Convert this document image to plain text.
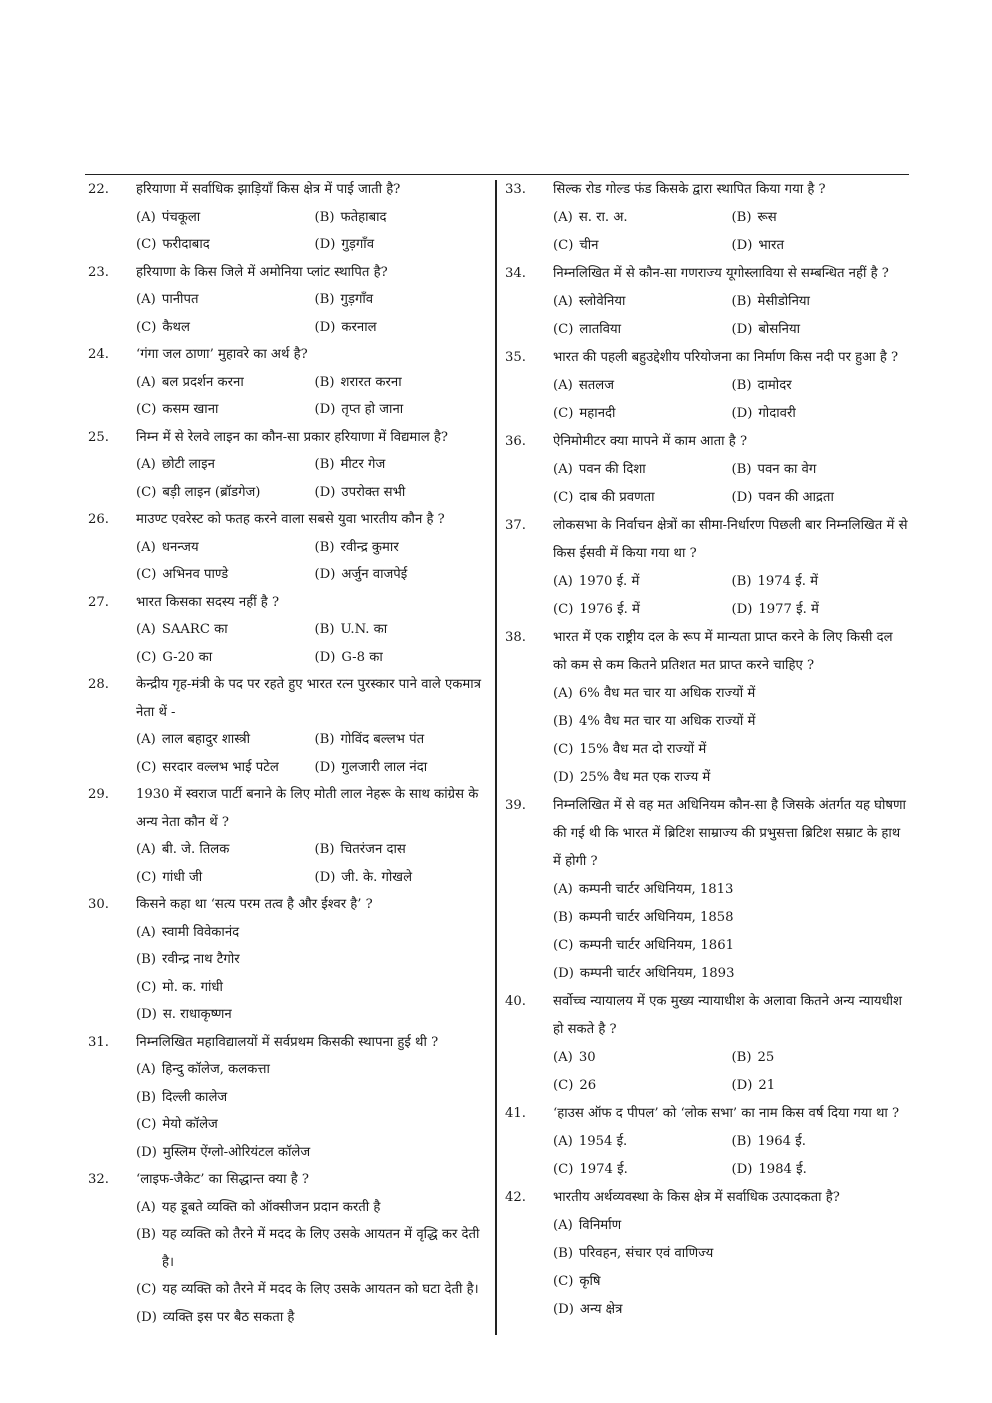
22.	हरियाणा में सर्वाधिक झाड़ियाँ किस क्षेत्र में पाई जाती है?
(A) पंचकूला	(B) फतेहाबाद
(C) फरीदाबाद	(D) गुड़गाँव
23.	हरियाणा के किस जिले में अमोनिया प्लांट स्थापित है?
(A) पानीपत	(B) गुड़गाँव
(C) कैथल	(D) करनाल
24.	‘गंगा जल ठाणा’ मुहावरे का अर्थ है?
(A) बल प्रदर्शन करना	(B) शरारत करना
(C) कसम खाना	(D) तृप्त हो जाना
25.	निम्न में से रेलवे लाइन का कौन-सा प्रकार हरियाणा में विद्यमाल है?
(A) छोटी लाइन	(B) मीटर गेज
(C) बड़ी लाइन (ब्रॉडगेज)	(D) उपरोक्त सभी
26.	माउण्ट एवरेस्ट को फतह करने वाला सबसे युवा भारतीय कौन है ?
(A) धनन्जय	(B) रवीन्द्र कुमार
(C) अभिनव पाण्डे	(D) अर्जुन वाजपेई
27.	भारत किसका सदस्य नहीं है ?
(A) SAARC का	(B) U.N. का
(C) G-20 का	(D) G-8 का
28.	केन्द्रीय गृह-मंत्री के पद पर रहते हुए भारत रत्न पुरस्कार पाने वाले एकमात्र नेता थें -
(A) लाल बहादुर शास्त्री	(B) गोविंद बल्लभ पंत
(C) सरदार वल्लभ भाई पटेल	(D) गुलजारी लाल नंदा
29.	1930 में स्वराज पार्टी बनाने के लिए मोती लाल नेहरू के साथ कांग्रेस के अन्य नेता कौन थें ?
(A) बी. जे. तिलक	(B) चितरंजन दास
(C) गांधी जी	(D) जी. के. गोखले
30.	किसने कहा था ‘सत्य परम तत्व है और ईश्वर है’ ?
(A) स्वामी विवेकानंद
(B) रवीन्द्र नाथ टैगोर
(C) मो. क. गांधी
(D) स. राधाकृष्णन
31.	निम्नलिखित महाविद्यालयों में सर्वप्रथम किसकी स्थापना हुई थी ?
(A) हिन्दु कॉलेज, कलकत्ता
(B) दिल्ली कालेज
(C) मेयो कॉलेज
(D) मुस्लिम ऐंग्लो-ओरियंटल कॉलेज
32.	‘लाइफ-जैकेट’ का सिद्धान्त क्या है ?
(A) यह डूबते व्यक्ति को ऑक्सीजन प्रदान करती है
(B) यह व्यक्ति को तैरने में मदद के लिए उसके आयतन में वृद्धि कर देती है।
(C) यह व्यक्ति को तैरने में मदद के लिए उसके आयतन को घटा देती है।
(D) व्यक्ति इस पर बैठ सकता है
33.	सिल्क रोड गोल्ड फंड किसके द्वारा स्थापित किया गया है ?
(A) स. रा. अ.	(B) रूस
(C) चीन	(D) भारत
34.	निम्नलिखित में से कौन-सा गणराज्य यूगोस्लाविया से सम्बन्धित नहीं है ?
(A) स्लोवेनिया	(B) मेसीडोनिया
(C) लातविया	(D) बोसनिया
35.	भारत की पहली बहुउद्देशीय परियोजना का निर्माण किस नदी पर हुआ है ?
(A) सतलज	(B) दामोदर
(C) महानदी	(D) गोदावरी
36.	ऐनिमोमीटर क्या मापने में काम आता है ?
(A) पवन की दिशा	(B) पवन का वेग
(C) दाब की प्रवणता	(D) पवन की आद्रता
37.	लोकसभा के निर्वाचन क्षेत्रों का सीमा-निर्धारण पिछली बार निम्नलिखित में से किस ईसवी में किया गया था ?
(A) 1970 ई. में	(B) 1974 ई. में
(C) 1976 ई. में	(D) 1977 ई. में
38.	भारत में एक राष्ट्रीय दल के रूप में मान्यता प्राप्त करने के लिए किसी दल को कम से कम कितने प्रतिशत मत प्राप्त करने चाहिए ?
(A) 6% वैध मत चार या अधिक राज्यों में
(B) 4% वैध मत चार या अधिक राज्यों में
(C) 15% वैध मत दो राज्यों में
(D) 25% वैध मत एक राज्य में
39.	निम्नलिखित में से वह मत अधिनियम कौन-सा है जिसके अंतर्गत यह घोषणा की गई थी कि भारत में ब्रिटिश साम्राज्य की प्रभुसत्ता ब्रिटिश सम्राट के हाथ में होगी ?
(A) कम्पनी चार्टर अधिनियम, 1813
(B) कम्पनी चार्टर अधिनियम, 1858
(C) कम्पनी चार्टर अधिनियम, 1861
(D) कम्पनी चार्टर अधिनियम, 1893
40.	सर्वोच्च न्यायालय में एक मुख्य न्यायाधीश के अलावा कितने अन्य न्यायधीश हो सकते है ?
(A) 30	(B) 25
(C) 26	(D) 21
41.	‘हाउस ऑफ द पीपल’ को ‘लोक सभा’ का नाम किस वर्ष दिया गया था ?
(A) 1954 ई.	(B) 1964 ई.
(C) 1974 ई.	(D) 1984 ई.
42.	भारतीय अर्थव्यवस्था के किस क्षेत्र में सर्वाधिक उत्पादकता है?
(A) विनिर्माण
(B) परिवहन, संचार एवं वाणिज्य
(C) कृषि
(D) अन्य क्षेत्र
